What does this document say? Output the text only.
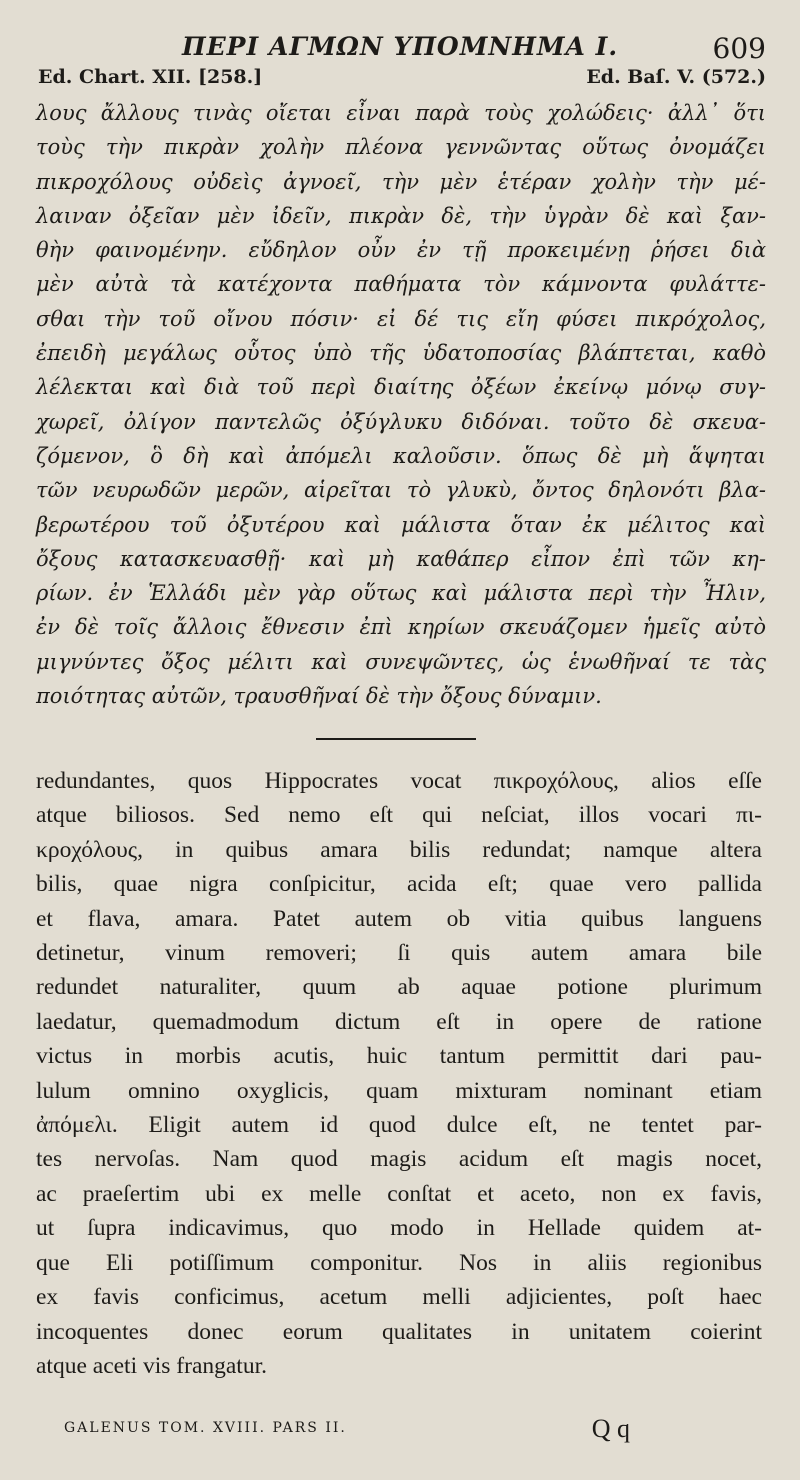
ΠΕΡΙ ΑΓΜΩΝ ΥΠΟΜΝΗΜΑ Ι.	609
Ed. Chart. XII. [258.]	Ed. Baſ. V. (572.)
λους ἄλλους τινὰς οἴεται εἶναι παρὰ τοὺς χολώδεις· ἀλλ᾽ ὅτι
τοὺς τὴν πικρὰν χολὴν πλέονα γεννῶντας οὕτως ὀνομάζει
πικροχόλους οὐδεὶς ἀγνοεῖ, τὴν μὲν ἑτέραν χολὴν τὴν μέ-
λαιναν ὀξεῖαν μὲν ἰδεῖν, πικρὰν δὲ, τὴν ὑγρὰν δὲ καὶ ξαν-
θὴν φαινομένην. εὔδηλον οὖν ἐν τῇ προκειμένῃ ῥήσει διὰ
μὲν αὐτὰ τὰ κατέχοντα παθήματα τὸν κάμνοντα φυλάττε-
σθαι τὴν τοῦ οἴνου πόσιν· εἰ δέ τις εἴη φύσει πικρόχολος,
ἐπειδὴ μεγάλως οὗτος ὑπὸ τῆς ὑδατοποσίας βλάπτεται, καθὸ
λέλεκται καὶ διὰ τοῦ περὶ διαίτης ὀξέων ἐκείνῳ μόνῳ συγ-
χωρεῖ, ὀλίγον παντελῶς ὀξύγλυκυ διδόναι. τοῦτο δὲ σκευα-
ζόμενον, ὃ δὴ καὶ ἀπόμελι καλοῦσιν. ὅπως δὲ μὴ ἅψηται
τῶν νευρωδῶν μερῶν, αἱρεῖται τὸ γλυκὺ, ὄντος δηλονότι βλα-
βερωτέρου τοῦ ὀξυτέρου καὶ μάλιστα ὅταν ἐκ μέλιτος καὶ
ὄξους κατασκευασθῇ· καὶ μὴ καθάπερ εἶπον ἐπὶ τῶν κη-
ρίων. ἐν Ἑλλάδι μὲν γὰρ οὕτως καὶ μάλιστα περὶ τὴν Ἦλιν,
ἐν δὲ τοῖς ἄλλοις ἔθνεσιν ἐπὶ κηρίων σκευάζομεν ἡμεῖς αὐτὸ
μιγνύντες ὄξος μέλιτι καὶ συνεψῶντες, ὡς ἑνωθῆναί τε τὰς
ποιότητας αὐτῶν, τραυσθῆναί δὲ τὴν ὄξους δύναμιν.
redundantes, quos Hippocrates vocat πικροχόλους, alios eſſe
atque biliosos. Sed nemo eſt qui neſciat, illos vocari πι-
κροχόλους, in quibus amara bilis redundat; namque altera
bilis, quae nigra conſpicitur, acida eſt; quae vero pallida
et flava, amara. Patet autem ob vitia quibus languens
detinetur, vinum removeri; ſi quis autem amara bile
redundet naturaliter, quum ab aquae potione plurimum
laedatur, quemadmodum dictum eſt in opere de ratione
victus in morbis acutis, huic tantum permittit dari pau-
lulum omnino oxyglicis, quam mixturam nominant etiam
ἀπόμελι. Eligit autem id quod dulce eſt, ne tentet par-
tes nervoſas. Nam quod magis acidum eſt magis nocet,
ac praeſertim ubi ex melle conſtat et aceto, non ex favis,
ut ſupra indicavimus, quo modo in Hellade quidem at-
que Eli potiſſimum componitur. Nos in aliis regionibus
ex favis conficimus, acetum melli adjicientes, poſt haec
incoquentes donec eorum qualitates in unitatem coierint
atque aceti vis frangatur.
GALENUS TOM. XVIII. PARS II.	Q q
